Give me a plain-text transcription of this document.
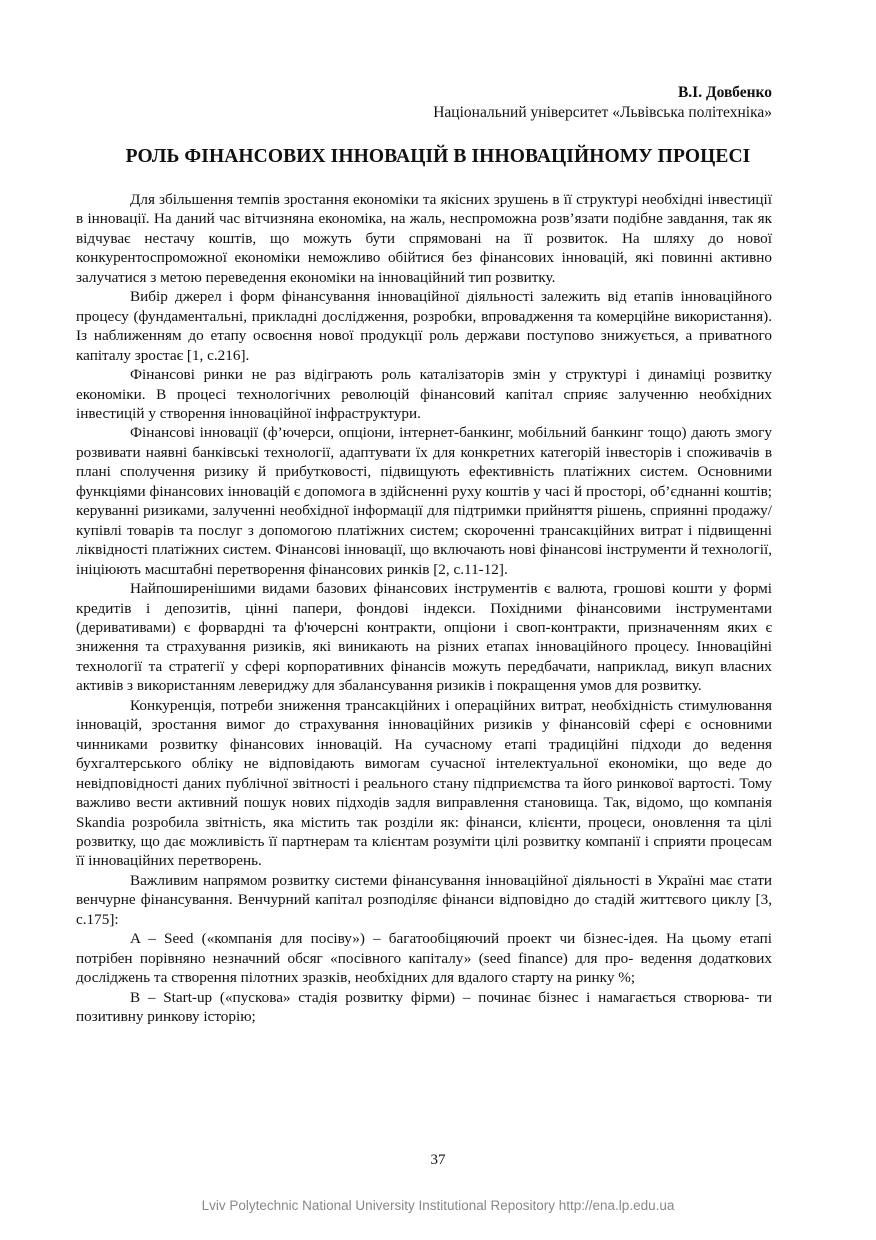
В.І. Довбенко
Національний університет «Львівська політехніка»
РОЛЬ ФІНАНСОВИХ ІННОВАЦІЙ В ІННОВАЦІЙНОМУ ПРОЦЕСІ

Для збільшення темпів зростання економіки та якісних зрушень в її структурі необхідні інвестиції в інновації. На даний час вітчизняна економіка, на жаль, неспроможна розв’язати подібне завдання, так як відчуває нестачу коштів, що можуть бути спрямовані на її розвиток. На шляху до нової конкурентоспроможної економіки неможливо обійтися без фінансових інновацій, які повинні активно залучатися з метою переведення економіки на інноваційний тип розвитку.

Вибір джерел і форм фінансування інноваційної діяльності залежить від етапів інноваційного процесу (фундаментальні, прикладні дослідження, розробки, впровадження та комерційне використання). Із наближенням до етапу освоєння нової продукції роль держави поступово знижується, а приватного капіталу зростає [1, с.216].

Фінансові ринки не раз відіграють роль каталізаторів змін у структурі і динаміці розвитку економіки. В процесі технологічних революцій фінансовий капітал сприяє залученню необхідних інвестицій у створення інноваційної інфраструктури.

Фінансові інновації (ф’ючерси, опціони, інтернет-банкинг, мобільний банкинг тощо) дають змогу розвивати наявні банківські технології, адаптувати їх для конкретних категорій інвесторів і споживачів в плані сполучення ризику й прибутковості, підвищують ефективність платіжних систем. Основними функціями фінансових інновацій є допомога в здійсненні руху коштів у часі й просторі, об’єднанні коштів; керуванні ризиками, залученні необхідної інформації для підтримки прийняття рішень, сприянні продажу/купівлі товарів та послуг з допомогою платіжних систем; скороченні трансакційних витрат і підвищенні ліквідності платіжних систем. Фінансові інновації, що включають нові фінансові інструменти й технології, ініціюють масштабні перетворення фінансових ринків [2, с.11-12].

Найпоширенішими видами базових фінансових інструментів є валюта, грошові кошти у формі кредитів і депозитів, цінні папери, фондові індекси. Похідними фінансовими інструментами (деривативами) є форвардні та ф'ючерсні контракти, опціони і своп-контракти, призначенням яких є зниження та страхування ризиків, які виникають на різних етапах інноваційного процесу. Інноваційні технології та стратегії у сфері корпоративних фінансів можуть передбачати, наприклад, викуп власних активів з використанням левериджу для збалансування ризиків і покращення умов для розвитку.

Конкуренція, потреби зниження трансакційних і операційних витрат, необхідність стимулювання інновацій, зростання вимог до страхування інноваційних ризиків у фінансовій сфері є основними чинниками розвитку фінансових інновацій. На сучасному етапі традиційні підходи до ведення бухгалтерського обліку не відповідають вимогам сучасної інтелектуальної економіки, що веде до невідповідності даних публічної звітності і реального стану підприємства та його ринкової вартості. Тому важливо вести активний пошук нових підходів задля виправлення становища. Так, відомо, що компанія Skandia розробила звітність, яка містить так розділи як: фінанси, клієнти, процеси, оновлення та цілі розвитку, що дає можливість її партнерам та клієнтам розуміти цілі розвитку компанії і сприяти процесам її інноваційних перетворень.

Важливим напрямом розвитку системи фінансування інноваційної діяльності в Україні має стати венчурне фінансування. Венчурний капітал розподіляє фінанси відповідно до стадій життєвого циклу [3, с.175]:

A – Seed («компанія для посіву») – багатообіцяючий проект чи бізнес-ідея. На цьому етапі потрібен порівняно незначний обсяг «посівного капіталу» (seed finance) для про- ведення додаткових досліджень та створення пілотних зразків, необхідних для вдалого старту на ринку %;

B – Start-up («пускова» стадія розвитку фірми) – починає бізнес і намагається створюва- ти позитивну ринкову історію;

37
Lviv Polytechnic National University Institutional Repository http://ena.lp.edu.ua
